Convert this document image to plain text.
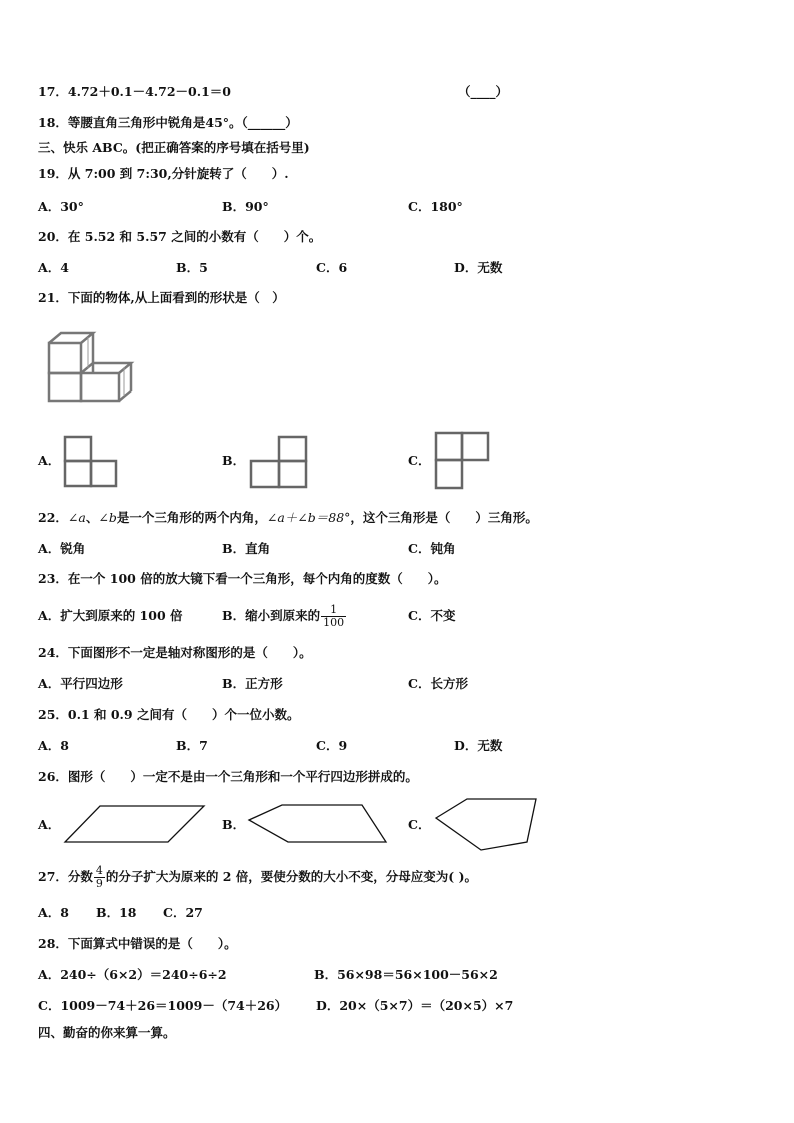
17．4.72＋0.1－4.72－0.1＝0	（____）
18．等腰直角三角形中锐角是45°。（______）
三、快乐 ABC。(把正确答案的序号填在括号里)
19．从 7:00 到 7:30,分针旋转了（　　）.
A．30°	B．90°	C．180°
20．在 5.52 和 5.57 之间的小数有（　　）个。
A．4	B．5	C．6	D．无数
21．下面的物体,从上面看到的形状是（　）
A．	B．	C．
22．∠a、∠b是一个三角形的两个内角，∠a＋∠b＝88°，这个三角形是（　　）三角形。
A．锐角	B．直角	C．钝角
23．在一个 100 倍的放大镜下看一个三角形，每个内角的度数（　　）。
A．扩大到原来的 100 倍	B．缩小到原来的 $\frac{1}{100}$	C．不变
24．下面图形不一定是轴对称图形的是（　　）。
A．平行四边形	B．正方形	C．长方形
25．0.1 和 0.9 之间有（　　）个一位小数。
A．8	B．7	C．9	D．无数
26．图形（　　）一定不是由一个三角形和一个平行四边形拼成的。
A．	B．	C．
27．分数 $\frac{4}{9}$ 的分子扩大为原来的 2 倍，要使分数的大小不变，分母应变为( )。
A．8 B．18 C．27
28．下面算式中错误的是（　　）。
A．240÷（6×2）＝240÷6÷2	B．56×98＝56×100－56×2
C．1009－74＋26＝1009－（74＋26） D．20×（5×7）＝（20×5）×7
四、勤奋的你来算一算。
